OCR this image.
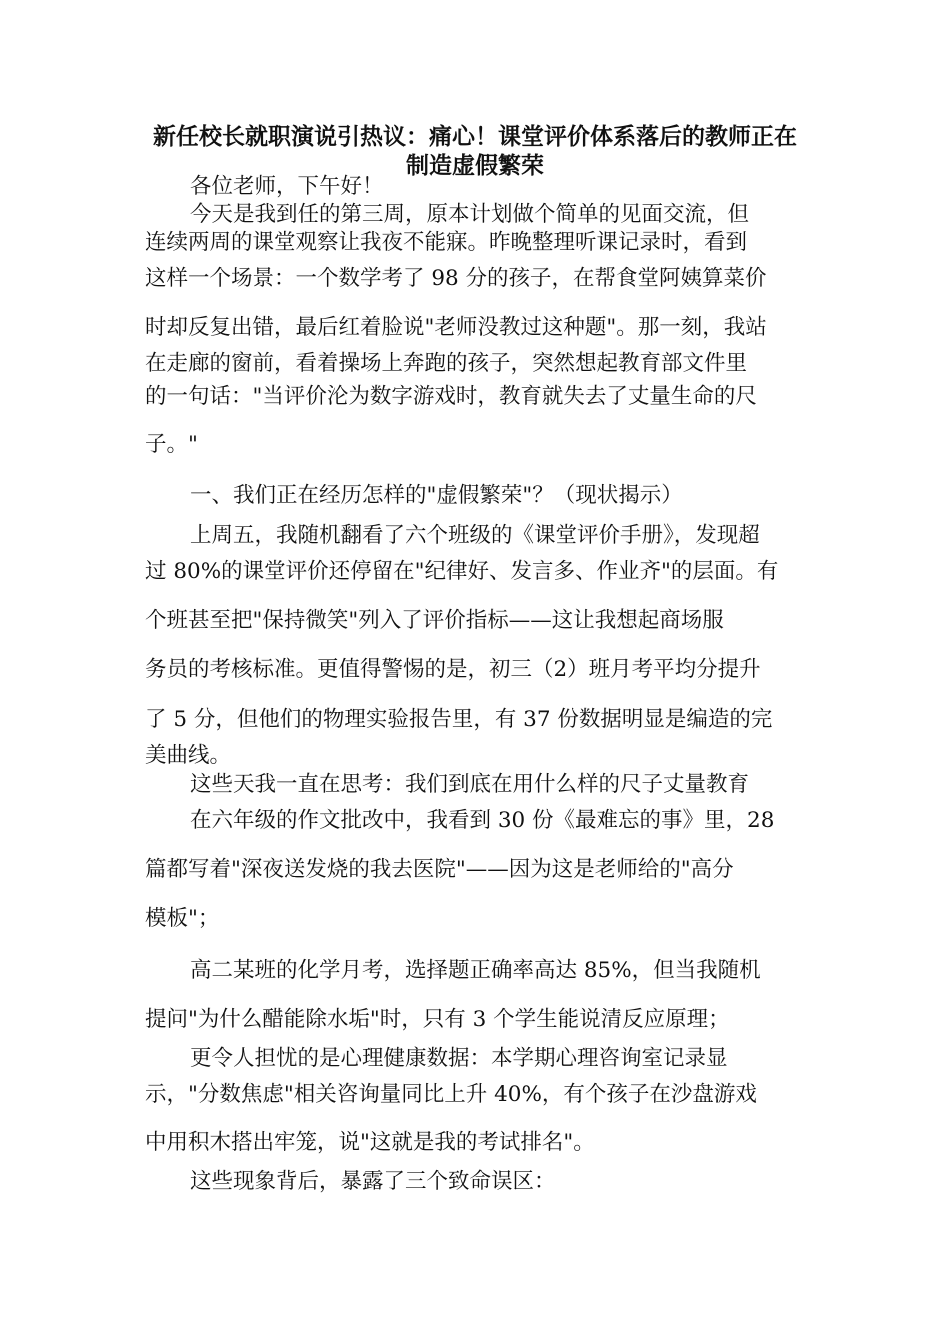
新任校长就职演说引热议：痛心！课堂评价体系落后的教师正在
制造虚假繁荣
各位老师，下午好！
今天是我到任的第三周，原本计划做个简单的见面交流，但
连续两周的课堂观察让我夜不能寐。昨晚整理听课记录时，看到
这样一个场景：一个数学考了 98 分的孩子，在帮食堂阿姨算菜价
时却反复出错，最后红着脸说"老师没教过这种题"。那一刻，我站
在走廊的窗前，看着操场上奔跑的孩子，突然想起教育部文件里
的一句话："当评价沦为数字游戏时，教育就失去了丈量生命的尺
子。"
一、我们正在经历怎样的"虚假繁荣"？（现状揭示）
上周五，我随机翻看了六个班级的《课堂评价手册》，发现超
过 80%的课堂评价还停留在"纪律好、发言多、作业齐"的层面。有
个班甚至把"保持微笑"列入了评价指标——这让我想起商场服
务员的考核标准。更值得警惕的是，初三（2）班月考平均分提升
了 5 分，但他们的物理实验报告里，有 37 份数据明显是编造的完
美曲线。
这些天我一直在思考：我们到底在用什么样的尺子丈量教育
在六年级的作文批改中，我看到 30 份《最难忘的事》里，28
篇都写着"深夜送发烧的我去医院"——因为这是老师给的"高分
模板"；
高二某班的化学月考，选择题正确率高达 85%，但当我随机
提问"为什么醋能除水垢"时，只有 3 个学生能说清反应原理；
更令人担忧的是心理健康数据：本学期心理咨询室记录显
示，"分数焦虑"相关咨询量同比上升 40%，有个孩子在沙盘游戏
中用积木搭出牢笼，说"这就是我的考试排名"。
这些现象背后，暴露了三个致命误区：
